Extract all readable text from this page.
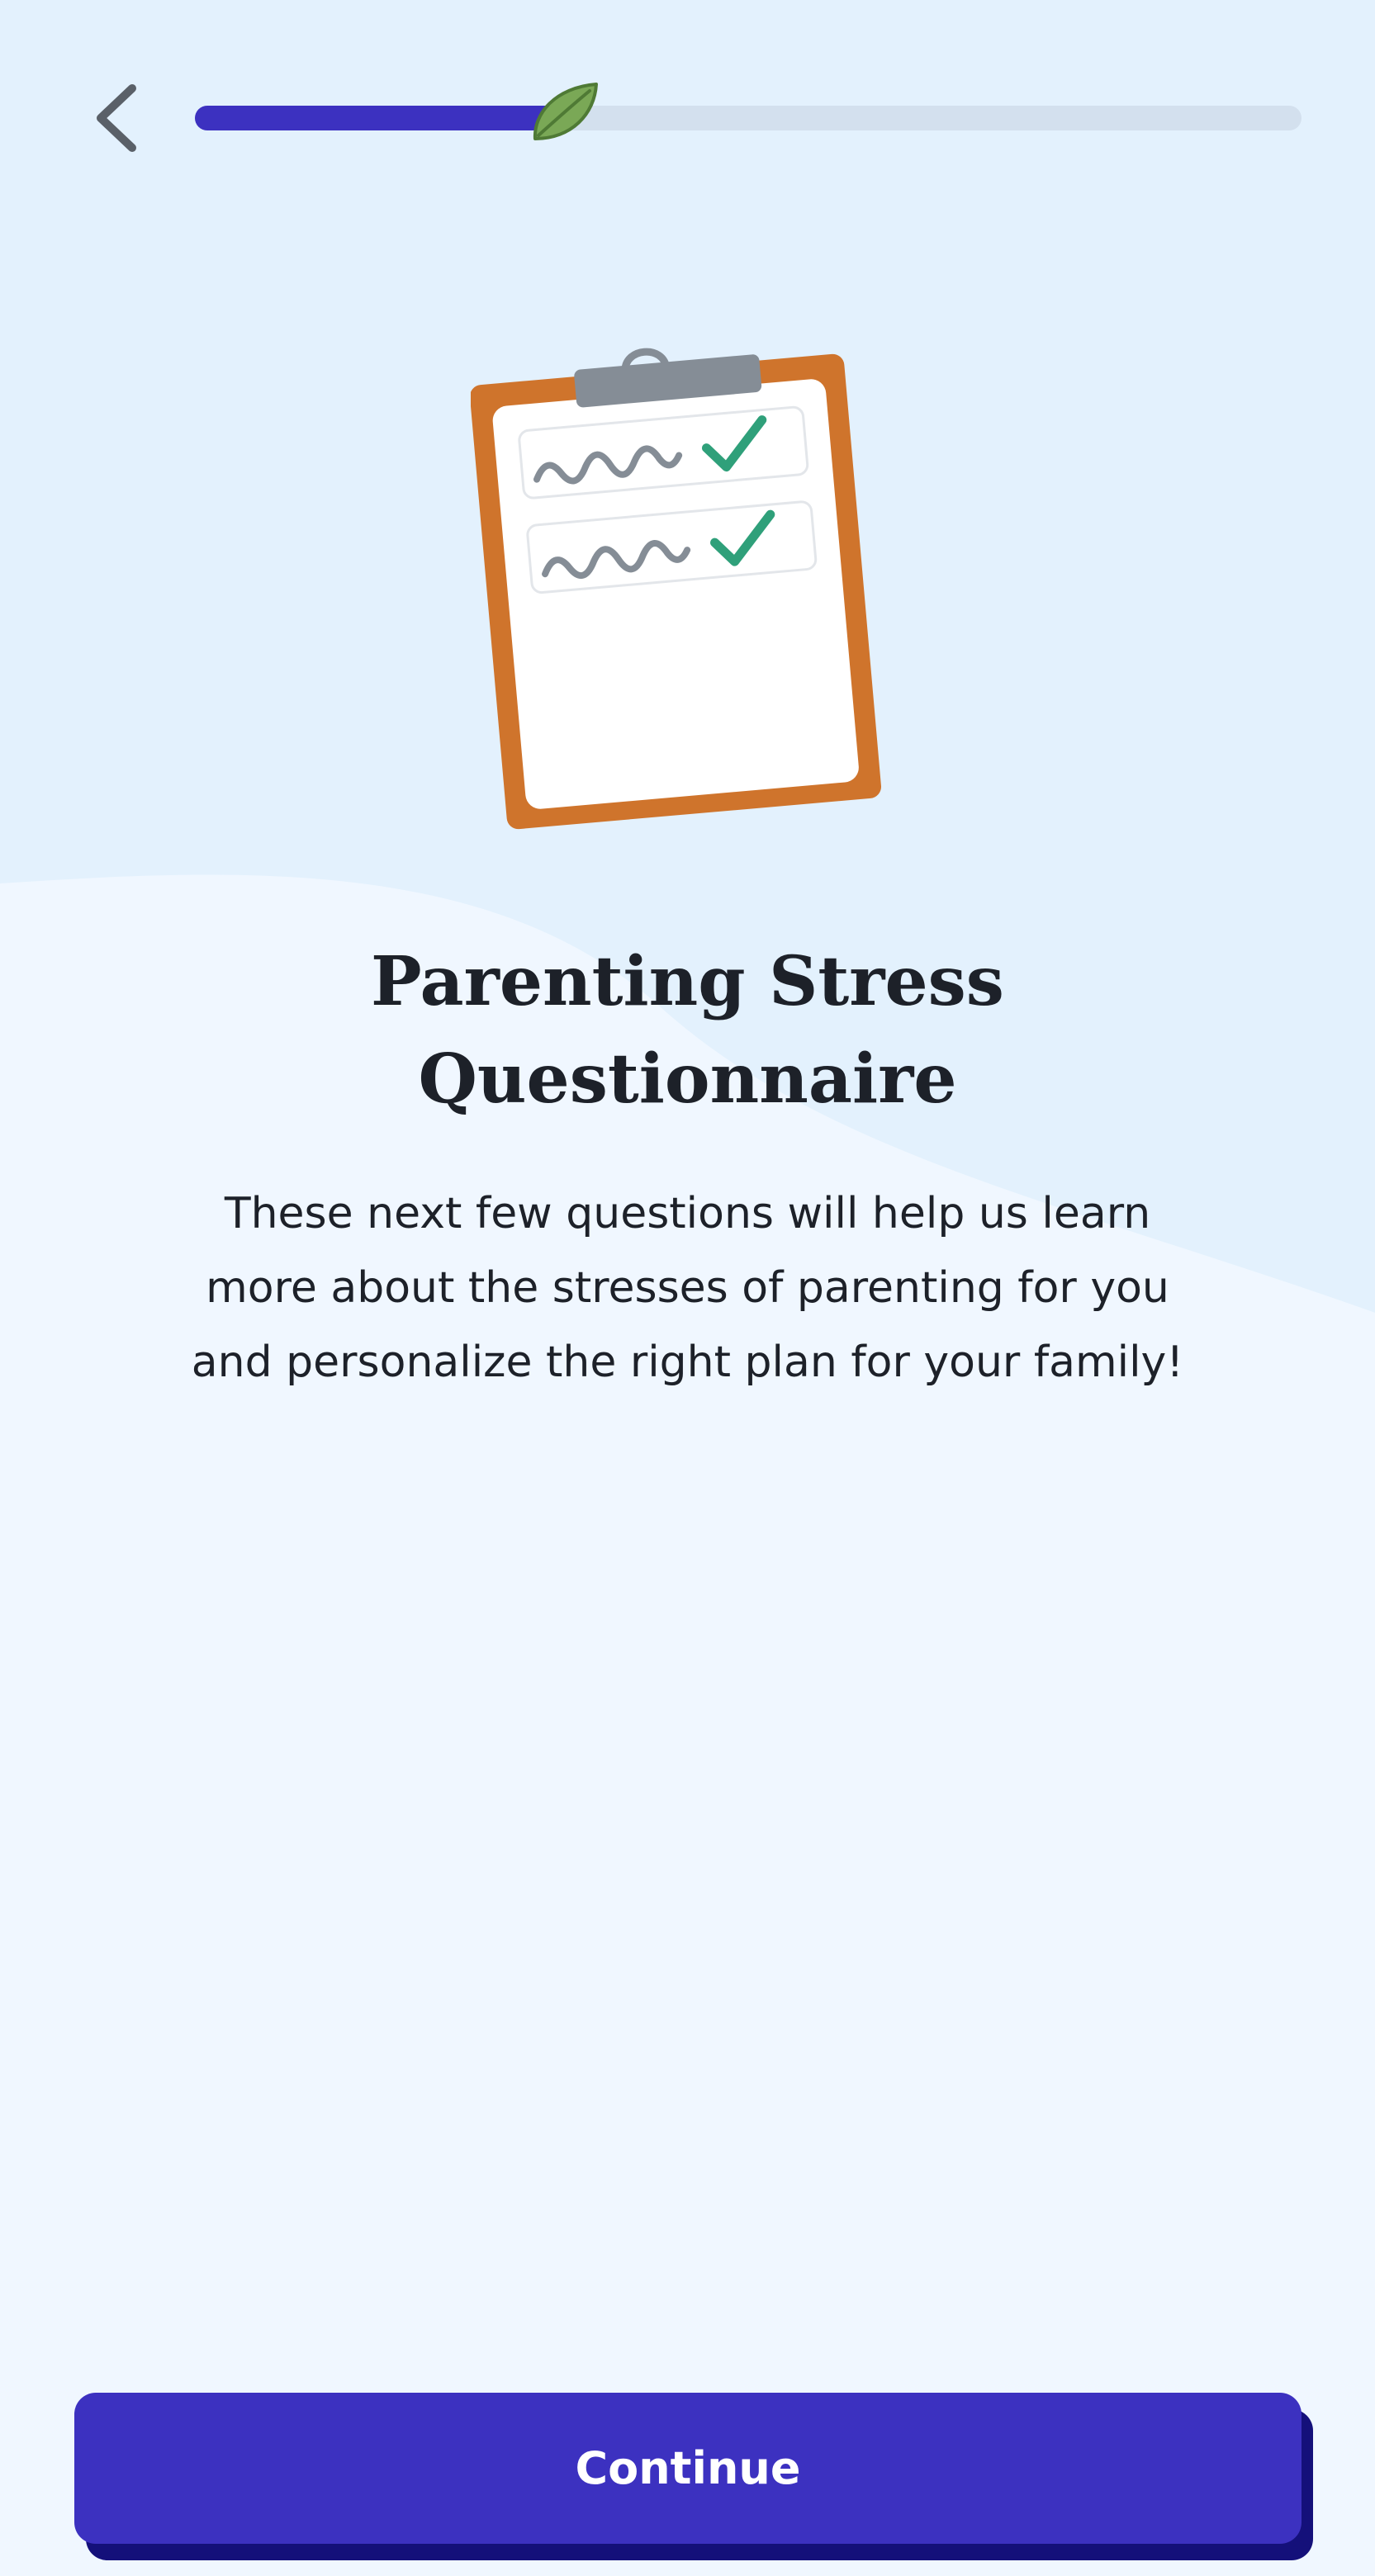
Parenting Stress Questionnaire

These next few questions will help us learn more about the stresses of parenting for you and personalize the right plan for your family!

Continue
